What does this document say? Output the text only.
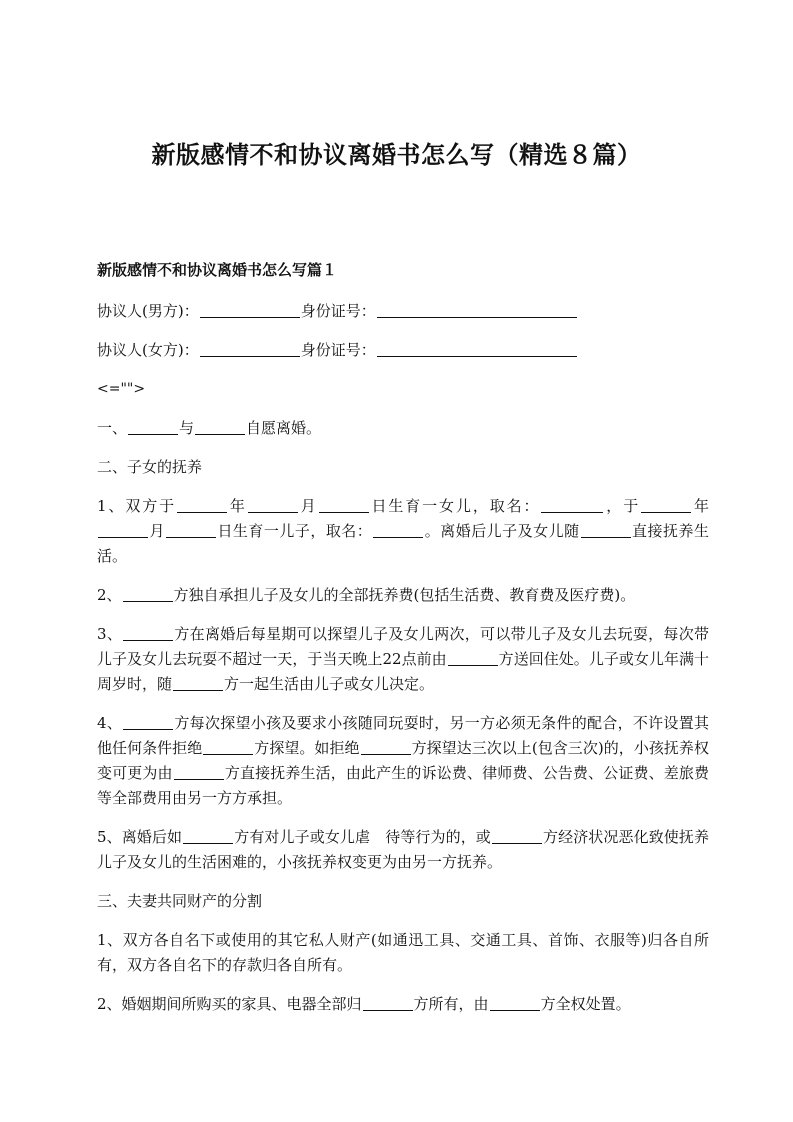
新版感情不和协议离婚书怎么写（精选８篇）
新版感情不和协议离婚书怎么写篇１

协议人(男方)：	身份证号：

协议人(女方)：	身份证号：

<="">

一、	与	自愿离婚。

二、子女的抚养

1、双方于	年	月	日生育一女儿，取名：	，于	年月	日生育一儿子，取名：	。离婚后儿子及女儿随	直接抚养生活。

2、	方独自承担儿子及女儿的全部抚养费(包括生活费、教育费及医疗费)。

3、	方在离婚后每星期可以探望儿子及女儿两次，可以带儿子及女儿去玩耍，每次带儿子及女儿去玩耍不超过一天，于当天晚上22点前由	方送回住处。儿子或女儿年满十周岁时，随	方一起生活由儿子或女儿决定。

4、	方每次探望小孩及要求小孩随同玩耍时，另一方必须无条件的配合，不许设置其他任何条件拒绝	方探望。如拒绝	方探望达三次以上(包含三次)的，小孩抚养权变可更为由	方直接抚养生活，由此产生的诉讼费、律师费、公告费、公证费、差旅费等全部费用由另一方方承担。

5、离婚后如	方有对儿子或女儿虐　待等行为的，或	方经济状况恶化致使抚养儿子及女儿的生活困难的，小孩抚养权变更为由另一方抚养。

三、夫妻共同财产的分割

1、双方各自名下或使用的其它私人财产(如通迅工具、交通工具、首饰、衣服等)归各自所有，双方各自名下的存款归各自所有。

2、婚姻期间所购买的家具、电器全部归	方所有，由	方全权处置。
